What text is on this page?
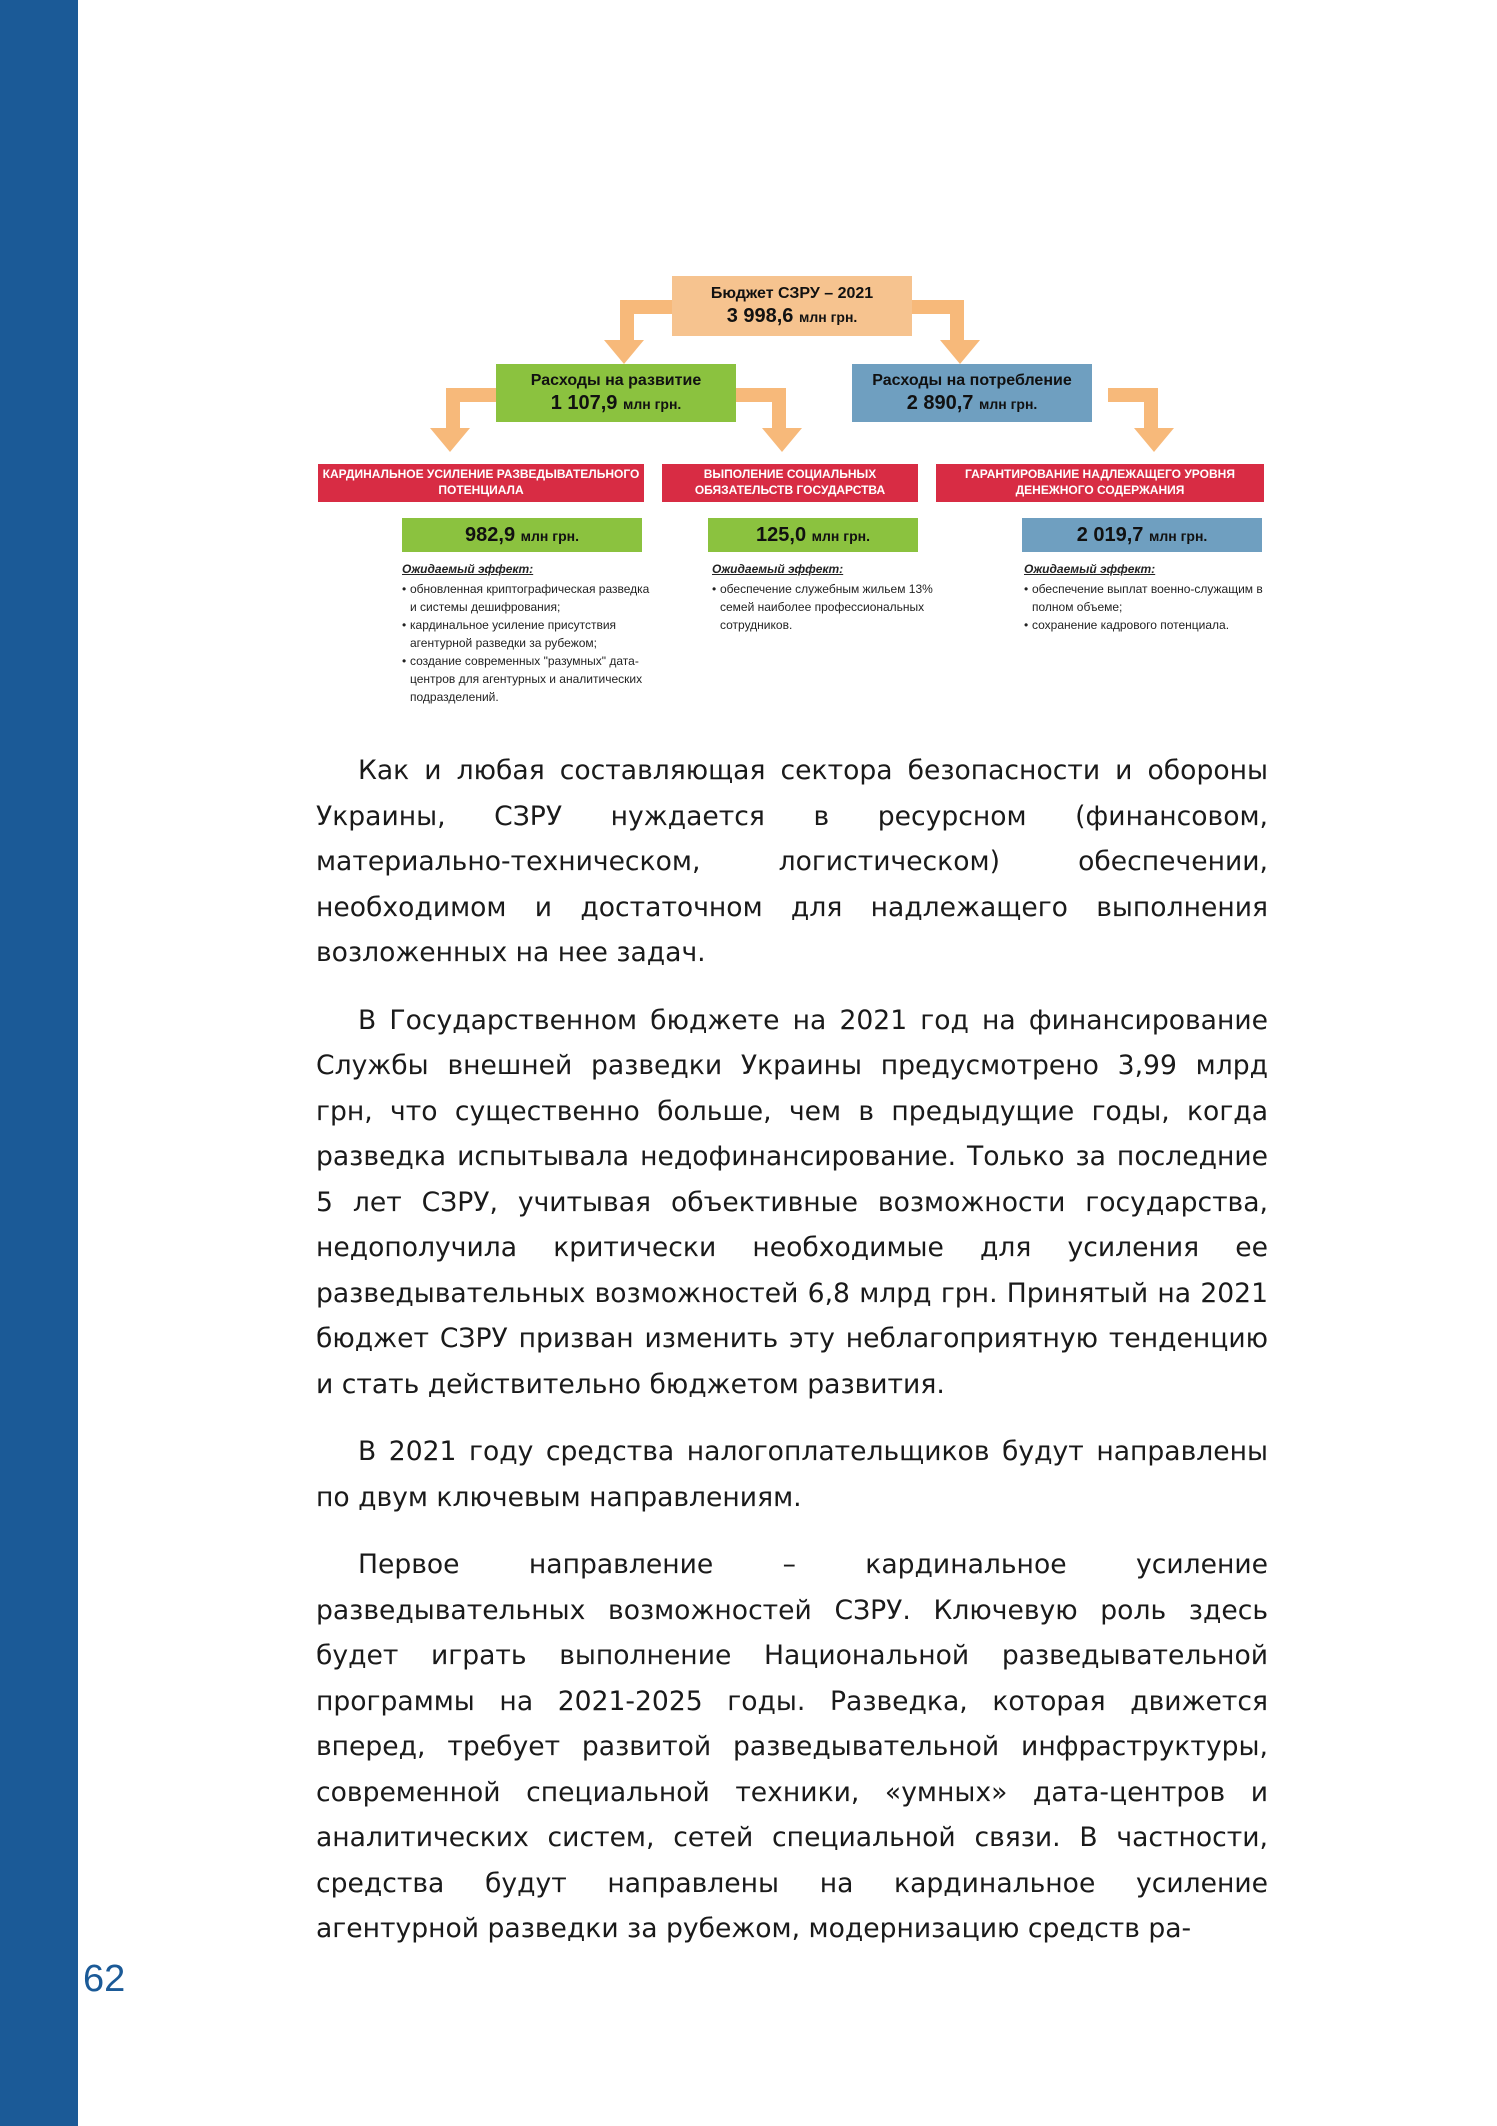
Белая книга
Общая информация о Службе внешней разведки Украины
62
Бюджет СЗРУ – 2021
3 998,6 млн грн.
Расходы на развитие
1 107,9 млн грн.
Расходы на потребление
2 890,7 млн грн.
КАРДИНАЛЬНОЕ УСИЛЕНИЕ РАЗВЕДЫВАТЕЛЬНОГО ПОТЕНЦИАЛА
ВЫПОЛЕНИЕ СОЦИАЛЬНЫХ ОБЯЗАТЕЛЬСТВ ГОСУДАРСТВА
ГАРАНТИРОВАНИЕ НАДЛЕЖАЩЕГО УРОВНЯ ДЕНЕЖНОГО СОДЕРЖАНИЯ
982,9 млн грн.	125,0 млн грн.	2 019,7 млн грн.
Ожидаемый эффект:
• обновленная криптографическая разведка и системы дешифрования;
• кардинальное усиление присутствия агентурной разведки за рубежом;
• создание современных "разумных" дата-центров для агентурных и аналитических подразделений.
Ожидаемый эффект:
• обеспечение служебным жильем 13% семей наиболее профессиональных сотрудников.
Ожидаемый эффект:
• обеспечение выплат военно-служащим в полном объеме;
• сохранение кадрового потенциала.

Как и любая составляющая сектора безопасности и обороны Украины, СЗРУ нуждается в ресурсном (финансовом, материально-техническом, логистическом) обеспечении, необходимом и достаточном для надлежащего выполнения возложенных на нее задач.

В Государственном бюджете на 2021 год на финансирование Службы внешней разведки Украины предусмотрено 3,99 млрд грн, что существенно больше, чем в предыдущие годы, когда разведка испытывала недофинансирование. Только за последние 5 лет СЗРУ, учитывая объективные возможности государства, недополучила критически необходимые для усиления ее разведывательных возможностей 6,8 млрд грн. Принятый на 2021 бюджет СЗРУ призван изменить эту неблагоприятную тенденцию и стать действительно бюджетом развития.

В 2021 году средства налогоплательщиков будут направлены по двум ключевым направлениям.

Первое направление – кардинальное усиление разведывательных возможностей СЗРУ. Ключевую роль здесь будет играть выполнение Национальной разведывательной программы на 2021-2025 годы. Разведка, которая движется вперед, требует развитой разведывательной инфраструктуры, современной специальной техники, «умных» дата-центров и аналитических систем, сетей специальной связи. В частности, средства будут направлены на кардинальное усиление агентурной разведки за рубежом, модернизацию средств ра-
